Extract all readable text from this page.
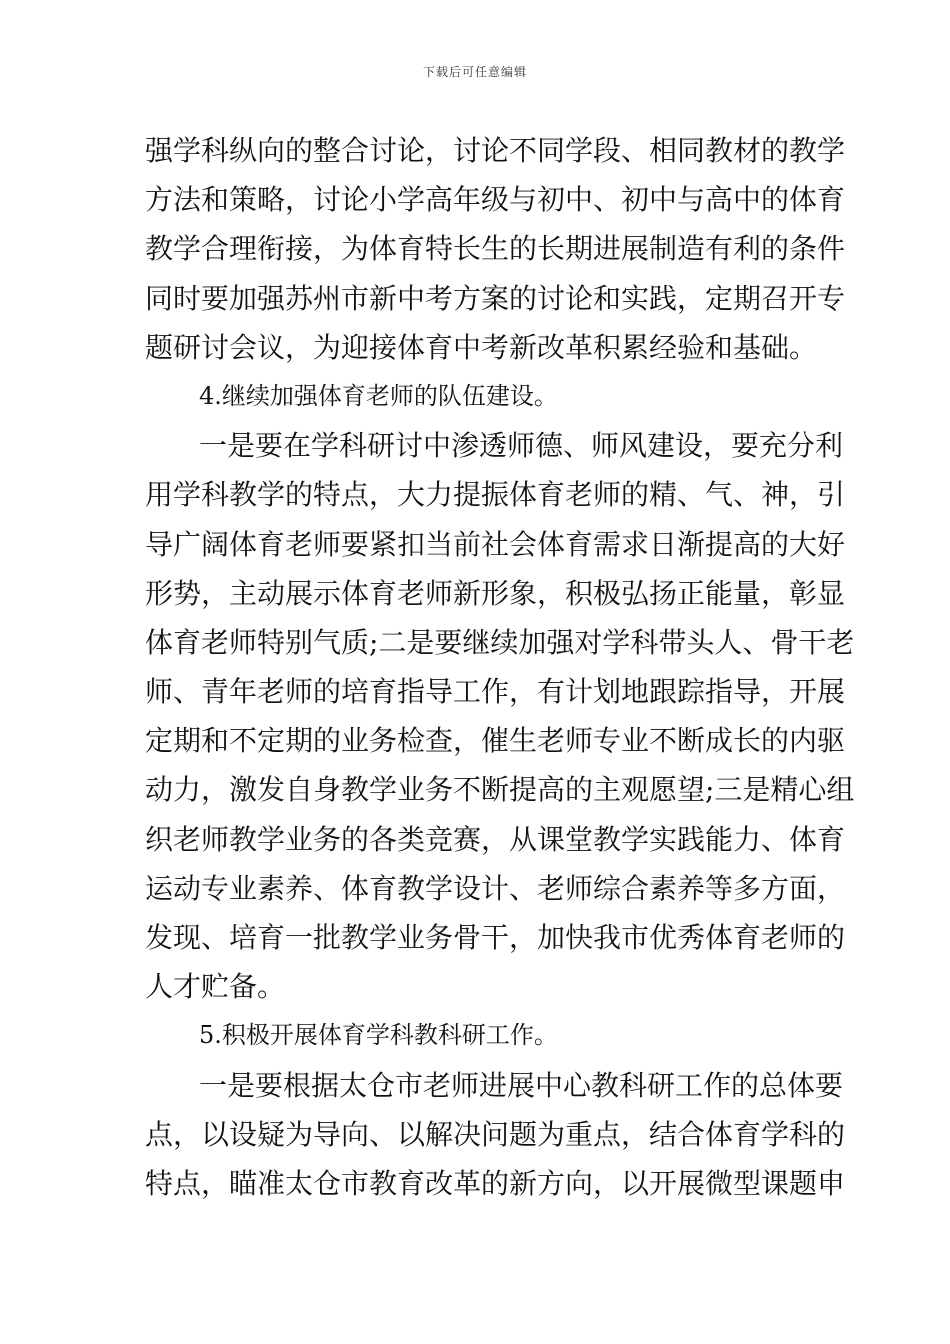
下载后可任意编辑
强学科纵向的整合讨论，讨论不同学段、相同教材的教学
方法和策略，讨论小学高年级与初中、初中与高中的体育
教学合理衔接，为体育特长生的长期进展制造有利的条件
同时要加强苏州市新中考方案的讨论和实践，定期召开专
题研讨会议，为迎接体育中考新改革积累经验和基础。
4.继续加强体育老师的队伍建设。
一是要在学科研讨中渗透师德、师风建设，要充分利
用学科教学的特点，大力提振体育老师的精、气、神，引
导广阔体育老师要紧扣当前社会体育需求日渐提高的大好
形势，主动展示体育老师新形象，积极弘扬正能量，彰显
体育老师特别气质;二是要继续加强对学科带头人、骨干老
师、青年老师的培育指导工作，有计划地跟踪指导，开展
定期和不定期的业务检查，催生老师专业不断成长的内驱
动力，激发自身教学业务不断提高的主观愿望;三是精心组
织老师教学业务的各类竞赛，从课堂教学实践能力、体育
运动专业素养、体育教学设计、老师综合素养等多方面，
发现、培育一批教学业务骨干，加快我市优秀体育老师的
人才贮备。
5.积极开展体育学科教科研工作。
一是要根据太仓市老师进展中心教科研工作的总体要
点，以设疑为导向、以解决问题为重点，结合体育学科的
特点，瞄准太仓市教育改革的新方向，以开展微型课题申
